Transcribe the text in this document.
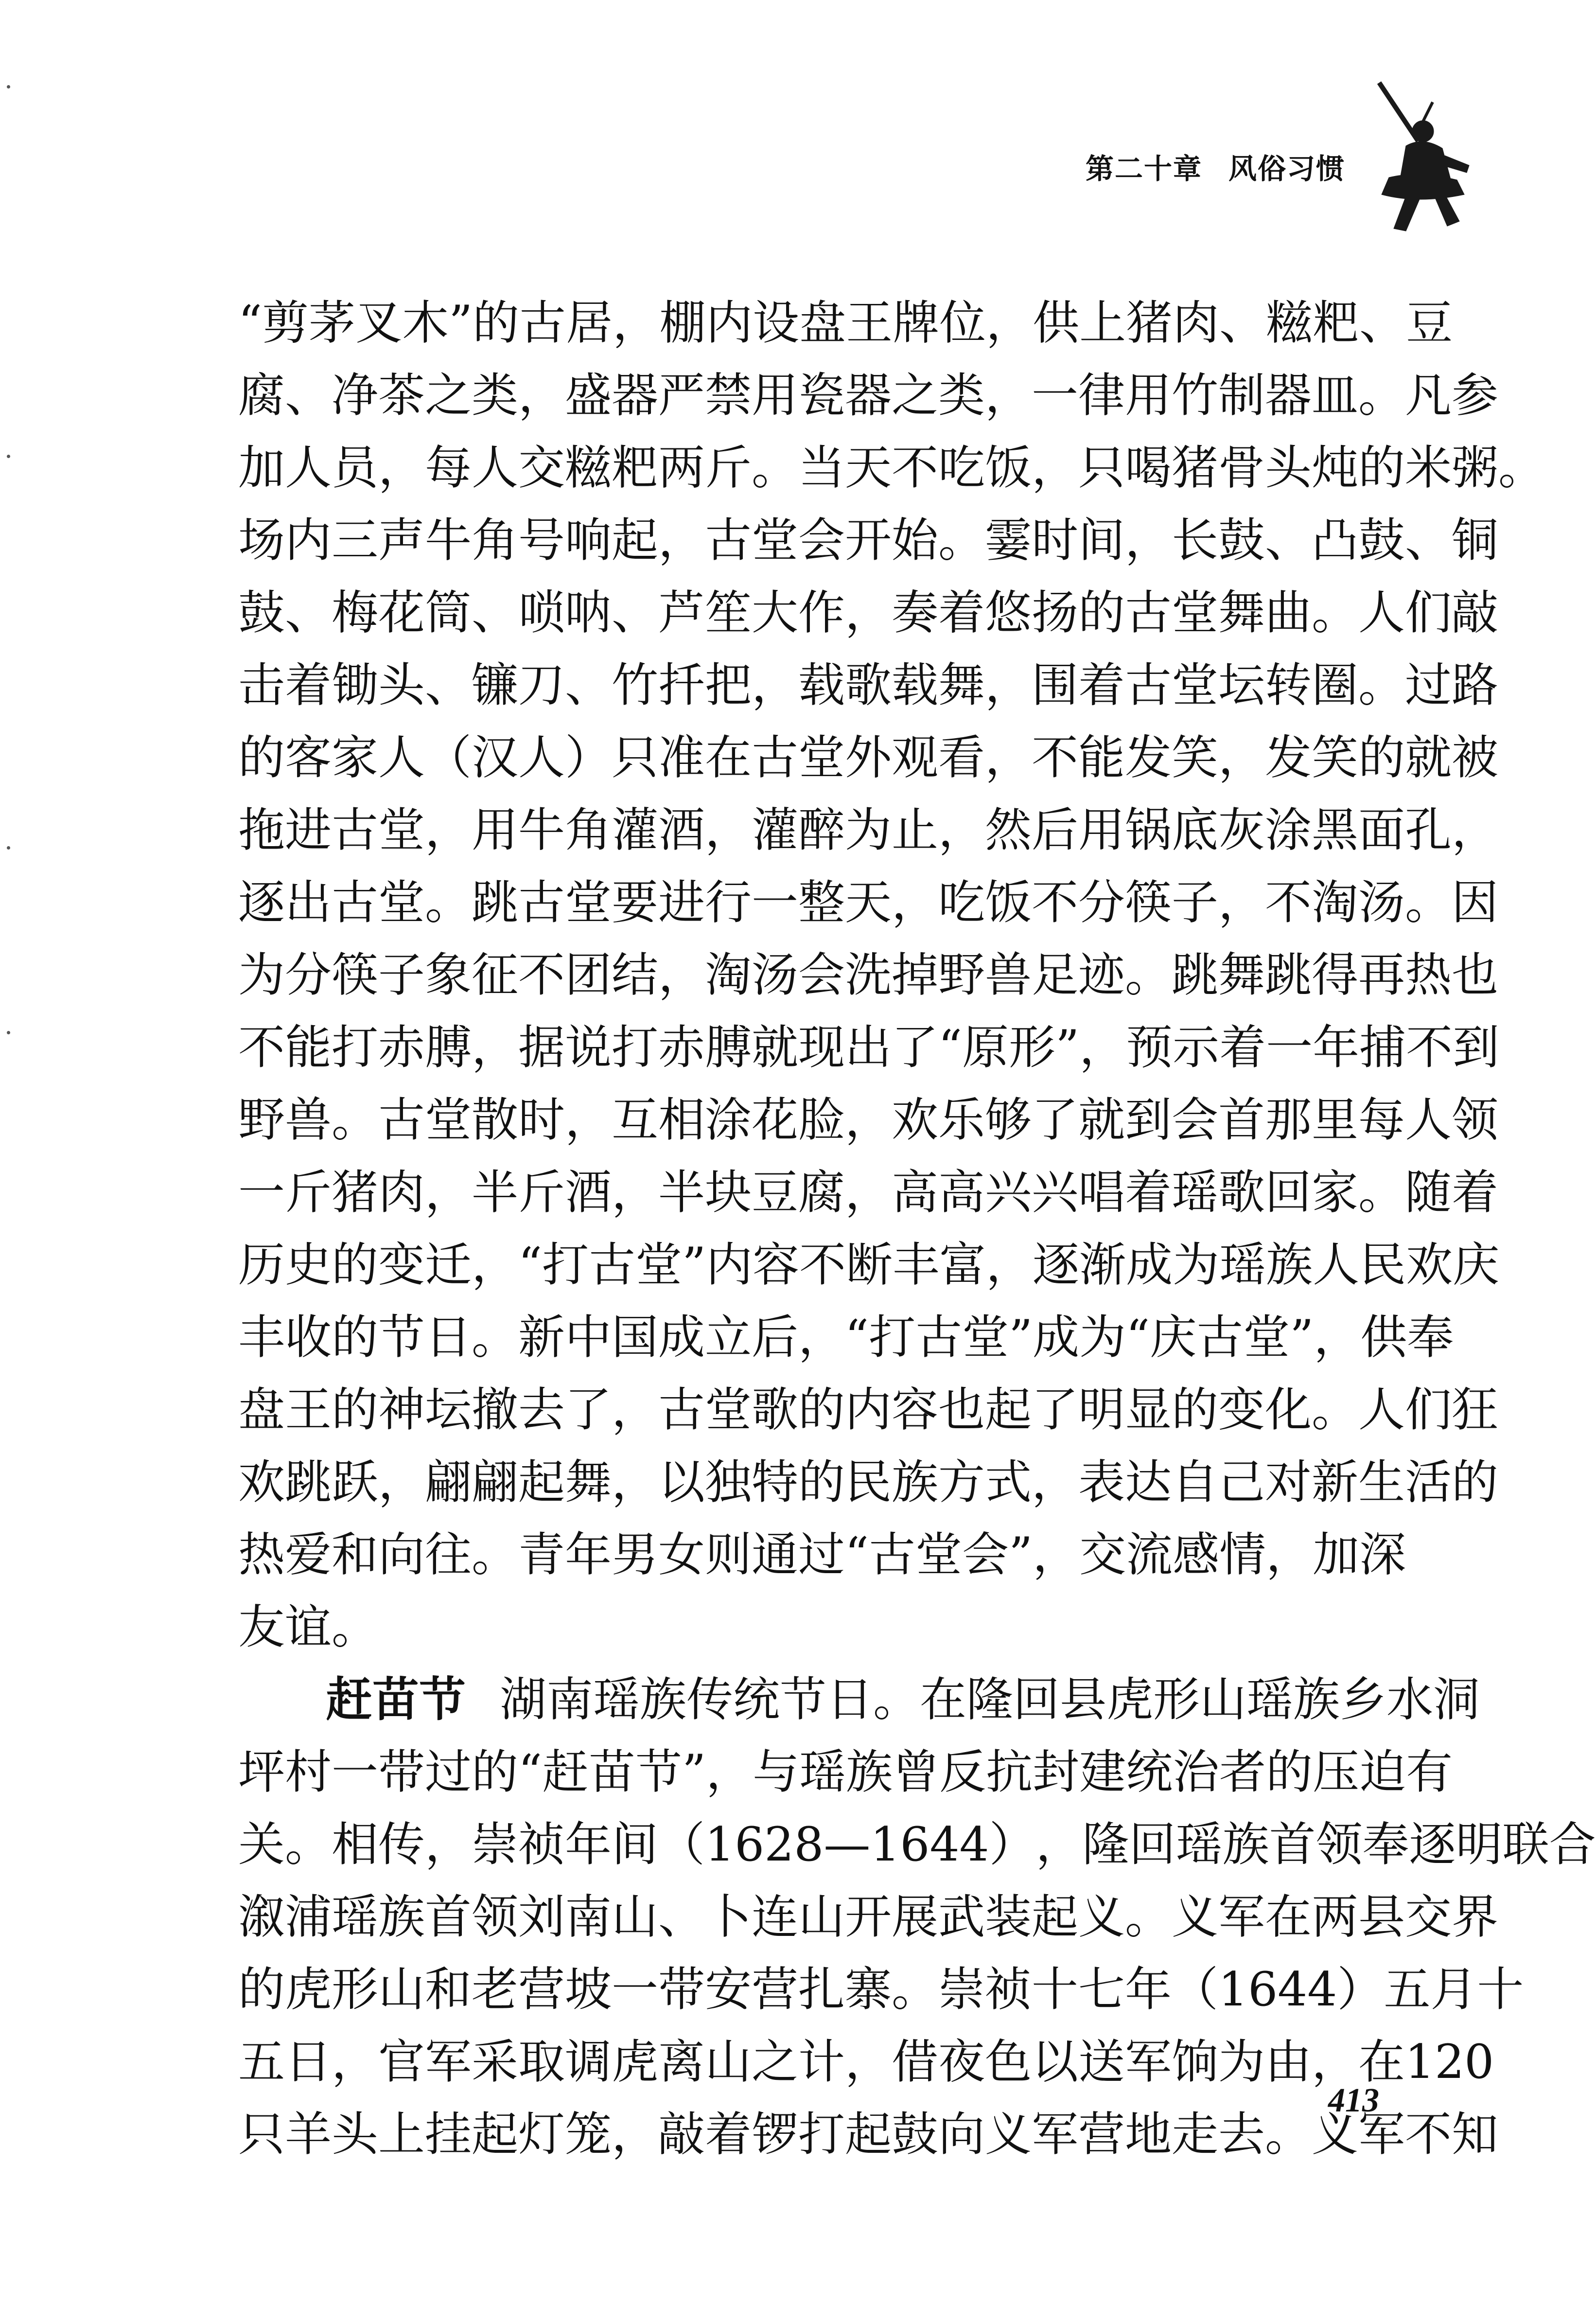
第二十章 风俗习惯
“ 剪 茅 叉 木 ” 的 古 居 ， 棚 内 设 盘 王 牌 位 ， 供 上 猪 肉 、 糍 粑 、 豆
腐 、 净 茶 之 类 ， 盛 器 严 禁 用 瓷 器 之 类 ， 一 律 用 竹 制 器 皿 。 凡 参
加 人 员 ， 每 人 交 糍 粑 两 斤 。 当 天 不 吃 饭 ， 只 喝 猪 骨 头 炖 的 米 粥 。
场 内 三 声 牛 角 号 响 起 ， 古 堂 会 开 始 。 霎 时 间 ， 长 鼓 、 凸 鼓 、 铜
鼓 、 梅 花 筒 、 唢 呐 、 芦 笙 大 作 ， 奏 着 悠 扬 的 古 堂 舞 曲 。 人 们 敲
击 着 锄 头 、 镰 刀 、 竹 扦 把 ， 载 歌 载 舞 ， 围 着 古 堂 坛 转 圈 。 过 路
的 客 家 人 （ 汉 人 ） 只 准 在 古 堂 外 观 看 ， 不 能 发 笑 ， 发 笑 的 就 被
拖 进 古 堂 ， 用 牛 角 灌 酒 ， 灌 醉 为 止 ， 然 后 用 锅 底 灰 涂 黑 面 孔 ，
逐 出 古 堂 。 跳 古 堂 要 进 行 一 整 天 ， 吃 饭 不 分 筷 子 ， 不 淘 汤 。 因
为 分 筷 子 象 征 不 团 结 ， 淘 汤 会 洗 掉 野 兽 足 迹 。 跳 舞 跳 得 再 热 也
不 能 打 赤 膊 ， 据 说 打 赤 膊 就 现 出 了 “ 原 形 ” ， 预 示 着 一 年 捕 不 到
野 兽 。 古 堂 散 时 ， 互 相 涂 花 脸 ， 欢 乐 够 了 就 到 会 首 那 里 每 人 领
一 斤 猪 肉 ， 半 斤 酒 ， 半 块 豆 腐 ， 高 高 兴 兴 唱 着 瑶 歌 回 家 。 随 着
历 史 的 变 迁 ， “ 打 古 堂 ” 内 容 不 断 丰 富 ， 逐 渐 成 为 瑶 族 人 民 欢 庆
丰 收 的 节 日 。 新 中 国 成 立 后 ， “ 打 古 堂 ” 成 为 “ 庆 古 堂 ” ， 供 奉
盘 王 的 神 坛 撤 去 了 ， 古 堂 歌 的 内 容 也 起 了 明 显 的 变 化 。 人 们 狂
欢 跳 跃 ， 翩 翩 起 舞 ， 以 独 特 的 民 族 方 式 ， 表 达 自 己 对 新 生 活 的
热 爱 和 向 往 。 青 年 男 女 则 通 过 “ 古 堂 会 ” ， 交 流 感 情 ， 加 深
友谊。
赶苗节 湖 南 瑶 族 传 统 节 日 。 在 隆 回 县 虎 形 山 瑶 族 乡 水 洞
坪 村 一 带 过 的 “ 赶 苗 节 ” ， 与 瑶 族 曾 反 抗 封 建 统 治 者 的 压 迫 有
关 。 相 传 ， 崇 祯 年 间 （ 1 6 2 8 — 1 6 4 4 ） ， 隆 回 瑶 族 首 领 奉 逐 明 联 合
溆 浦 瑶 族 首 领 刘 南 山 、 卜 连 山 开 展 武 装 起 义 。 义 军 在 两 县 交 界
的 虎 形 山 和 老 营 坡 一 带 安 营 扎 寨 。 崇 祯 十 七 年 （ 1 6 4 4 ） 五 月 十
五 日 ， 官 军 采 取 调 虎 离 山 之 计 ， 借 夜 色 以 送 军 饷 为 由 ， 在 1 2 0
只 羊 头 上 挂 起 灯 笼 ， 敲 着 锣 打 起 鼓 向 义 军 营 地 走 去 。 义 军 不 知
413
